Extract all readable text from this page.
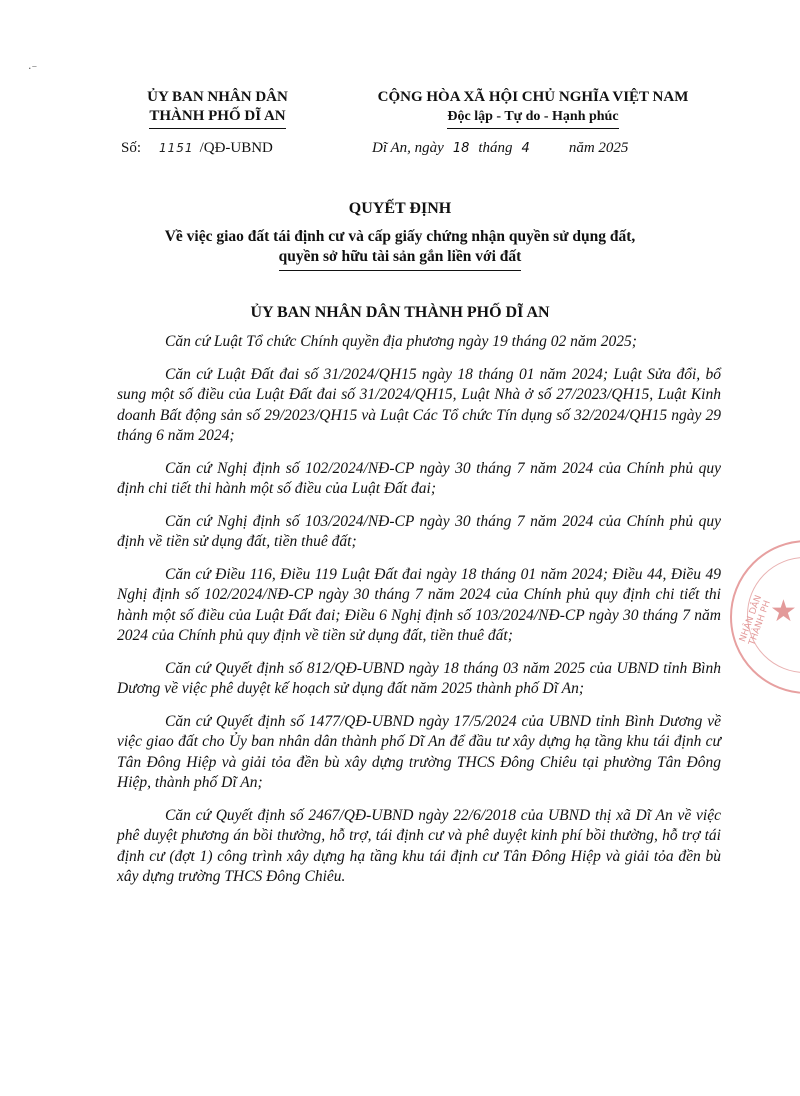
·⁻
ỦY BAN NHÂN DÂN
THÀNH PHỐ DĨ AN
CỘNG HÒA XÃ HỘI CHỦ NGHĨA VIỆT NAM
Độc lập - Tự do - Hạnh phúc
Số: 1151 /QĐ-UBND	Dĩ An, ngày 18 tháng 4	năm 2025
QUYẾT ĐỊNH
Về việc giao đất tái định cư và cấp giấy chứng nhận quyền sử dụng đất,
quyền sở hữu tài sản gắn liền với đất
ỦY BAN NHÂN DÂN THÀNH PHỐ DĨ AN

Căn cứ Luật Tổ chức Chính quyền địa phương ngày 19 tháng 02 năm 2025;

Căn cứ Luật Đất đai số 31/2024/QH15 ngày 18 tháng 01 năm 2024; Luật Sửa đổi, bổ sung một số điều của Luật Đất đai số 31/2024/QH15, Luật Nhà ở số 27/2023/QH15, Luật Kinh doanh Bất động sản số 29/2023/QH15 và Luật Các Tổ chức Tín dụng số 32/2024/QH15 ngày 29 tháng 6 năm 2024;

Căn cứ Nghị định số 102/2024/NĐ-CP ngày 30 tháng 7 năm 2024 của Chính phủ quy định chi tiết thi hành một số điều của Luật Đất đai;

Căn cứ Nghị định số 103/2024/NĐ-CP ngày 30 tháng 7 năm 2024 của Chính phủ quy định về tiền sử dụng đất, tiền thuê đất;

Căn cứ Điều 116, Điều 119 Luật Đất đai ngày 18 tháng 01 năm 2024; Điều 44, Điều 49 Nghị định số 102/2024/NĐ-CP ngày 30 tháng 7 năm 2024 của Chính phủ quy định chi tiết thi hành một số điều của Luật Đất đai; Điều 6 Nghị định số 103/2024/NĐ-CP ngày 30 tháng 7 năm 2024 của Chính phủ quy định về tiền sử dụng đất, tiền thuê đất;

Căn cứ Quyết định số 812/QĐ-UBND ngày 18 tháng 03 năm 2025 của UBND tỉnh Bình Dương về việc phê duyệt kế hoạch sử dụng đất năm 2025 thành phố Dĩ An;

Căn cứ Quyết định số 1477/QĐ-UBND ngày 17/5/2024 của UBND tỉnh Bình Dương về việc giao đất cho Ủy ban nhân dân thành phố Dĩ An để đầu tư xây dựng hạ tầng khu tái định cư Tân Đông Hiệp và giải tỏa đền bù xây dựng trường THCS Đông Chiêu tại phường Tân Đông Hiệp, thành phố Dĩ An;

Căn cứ Quyết định số 2467/QĐ-UBND ngày 22/6/2018 của UBND thị xã Dĩ An về việc phê duyệt phương án bồi thường, hỗ trợ, tái định cư và phê duyệt kinh phí bồi thường, hỗ trợ tái định cư (đợt 1) công trình xây dựng hạ tầng khu tái định cư Tân Đông Hiệp và giải tỏa đền bù xây dựng trường THCS Đông Chiêu.

★
NHÂN DÂN THÀNH PH
